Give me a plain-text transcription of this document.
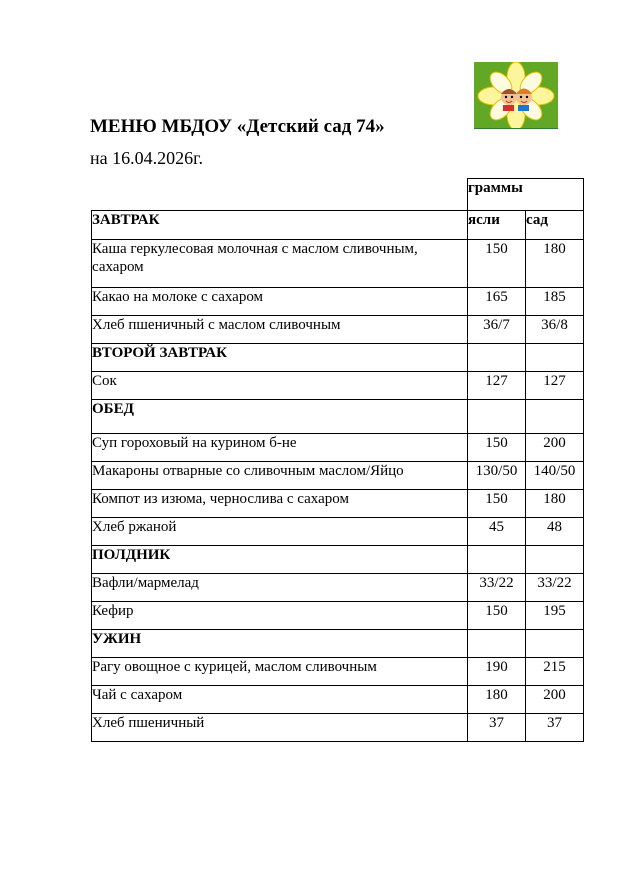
МЕНЮ МБДОУ «Детский сад 74»
на 16.04.2026г.
	граммы	
ЗАВТРАК	ясли	сад
Каша геркулесовая молочная с маслом сливочным, сахаром	150	180
Какао на молоке с сахаром	165	185
Хлеб пшеничный с маслом сливочным	36/7	36/8
ВТОРОЙ ЗАВТРАК		
Сок	127	127
ОБЕД		
Суп гороховый на курином б-не	150	200
Макароны отварные со сливочным маслом/Яйцо	130/50	140/50
Компот из изюма, чернослива с сахаром	150	180
Хлеб ржаной	45	48
ПОЛДНИК		
Вафли/мармелад	33/22	33/22
Кефир	150	195
УЖИН		
Рагу овощное с курицей, маслом сливочным	190	215
Чай с сахаром	180	200
Хлеб пшеничный	37	37
